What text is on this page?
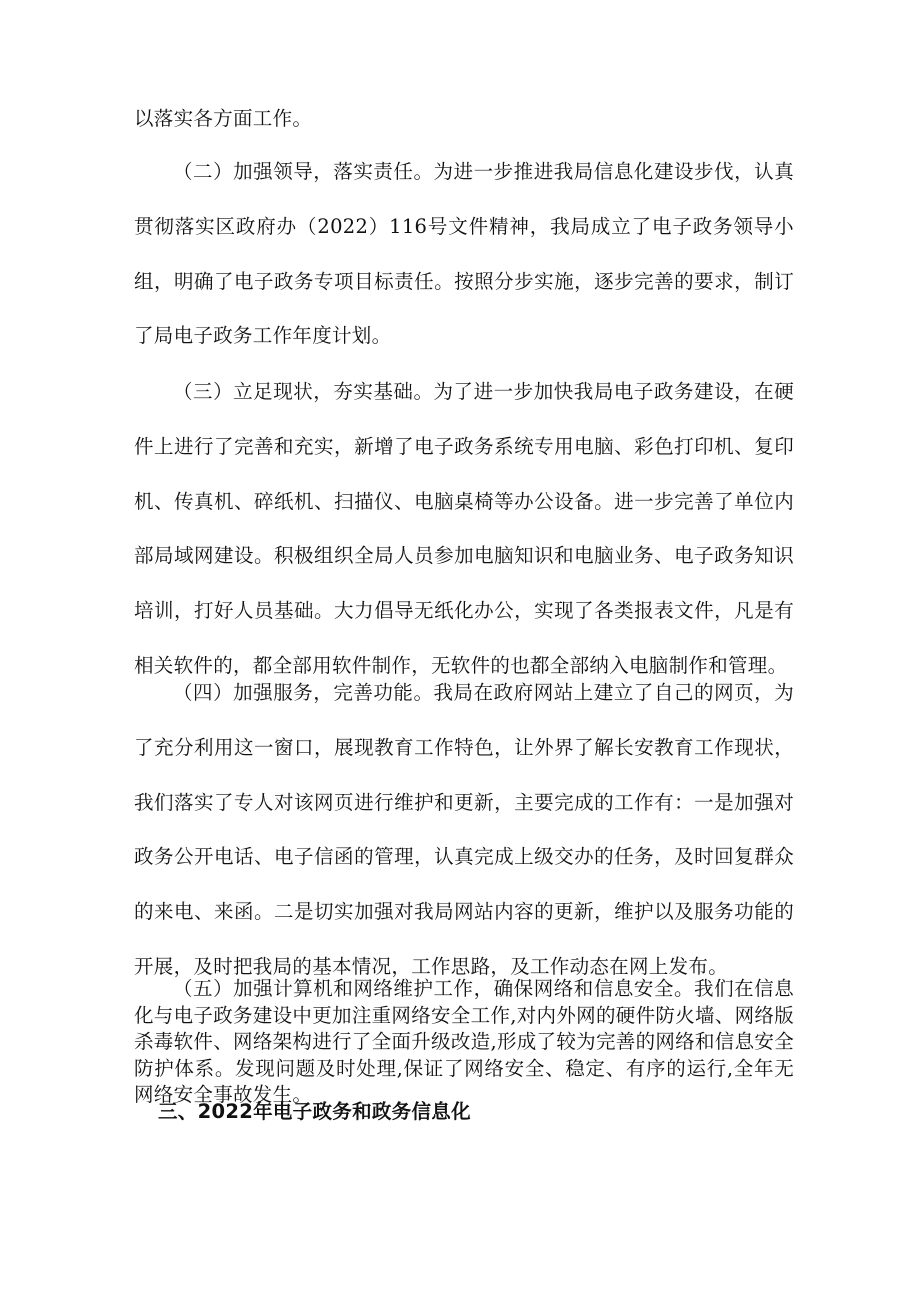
以落实各方面工作。

（二）加强领导，落实责任。为进一步推进我局信息化建设步伐，认真贯彻落实区政府办（2022）116号文件精神，我局成立了电子政务领导小组，明确了电子政务专项目标责任。按照分步实施，逐步完善的要求，制订了局电子政务工作年度计划。

（三）立足现状，夯实基础。为了进一步加快我局电子政务建设，在硬件上进行了完善和充实，新增了电子政务系统专用电脑、彩色打印机、复印机、传真机、碎纸机、扫描仪、电脑桌椅等办公设备。进一步完善了单位内部局域网建设。积极组织全局人员参加电脑知识和电脑业务、电子政务知识培训，打好人员基础。大力倡导无纸化办公，实现了各类报表文件，凡是有相关软件的，都全部用软件制作，无软件的也都全部纳入电脑制作和管理。

（四）加强服务，完善功能。我局在政府网站上建立了自己的网页，为了充分利用这一窗口，展现教育工作特色，让外界了解长安教育工作现状，我们落实了专人对该网页进行维护和更新，主要完成的工作有：一是加强对政务公开电话、电子信函的管理，认真完成上级交办的任务，及时回复群众的来电、来函。二是切实加强对我局网站内容的更新，维护以及服务功能的开展，及时把我局的基本情况，工作思路，及工作动态在网上发布。

（五）加强计算机和网络维护工作，确保网络和信息安全。我们在信息化与电子政务建设中更加注重网络安全工作,对内外网的硬件防火墙、网络版杀毒软件、网络架构进行了全面升级改造,形成了较为完善的网络和信息安全防护体系。发现问题及时处理,保证了网络安全、稳定、有序的运行,全年无网络安全事故发生。

三、2022年电子政务和政务信息化
